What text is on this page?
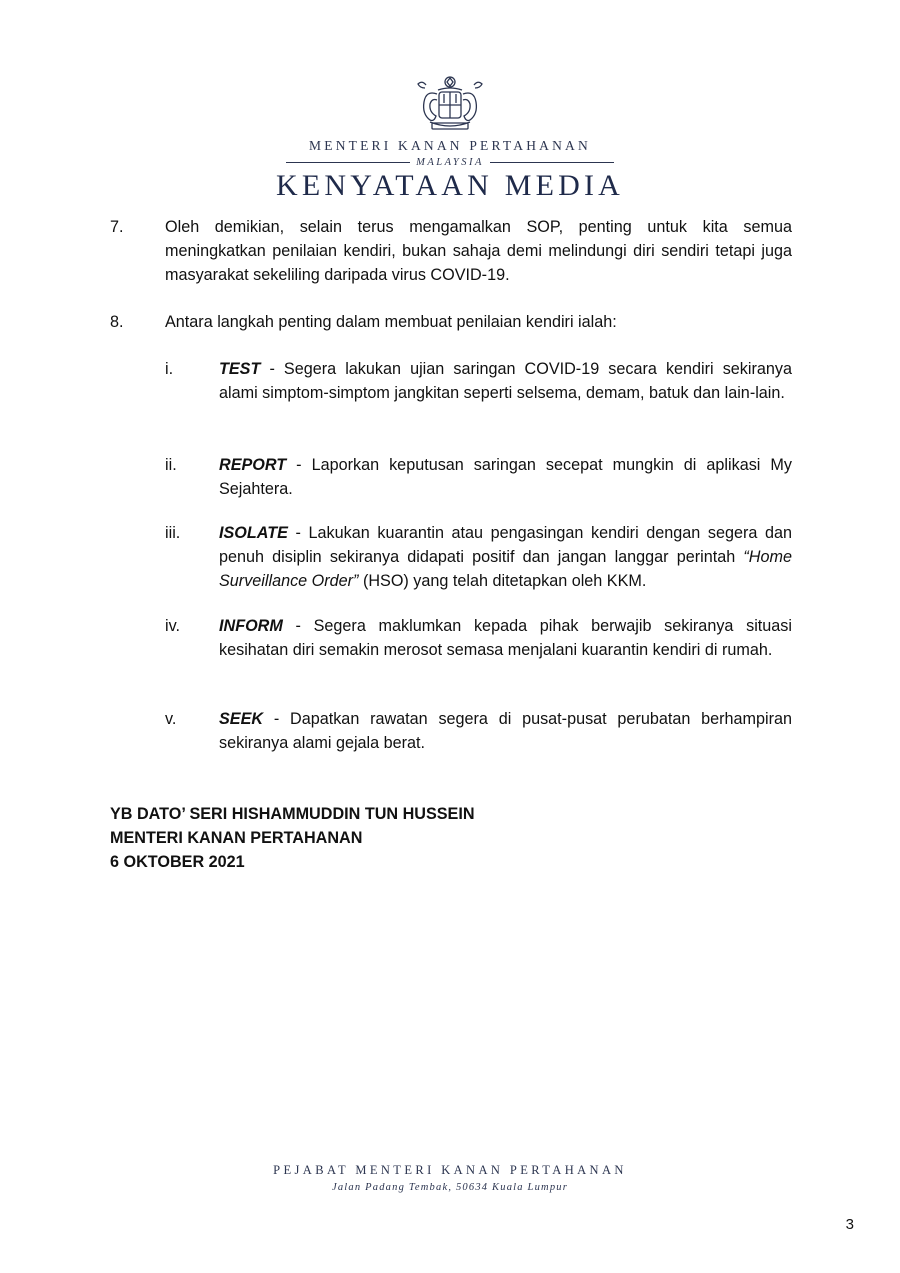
MENTERI KANAN PERTAHANAN
MALAYSIA
KENYATAAN MEDIA
7.	Oleh demikian, selain terus mengamalkan SOP, penting untuk kita semua meningkatkan penilaian kendiri, bukan sahaja demi melindungi diri sendiri tetapi juga masyarakat sekeliling daripada virus COVID-19.
8.	Antara langkah penting dalam membuat penilaian kendiri ialah:
i.	TEST - Segera lakukan ujian saringan COVID-19 secara kendiri sekiranya alami simptom-simptom jangkitan seperti selsema, demam, batuk dan lain-lain.
ii.	REPORT - Laporkan keputusan saringan secepat mungkin di aplikasi My Sejahtera.
iii. ISOLATE - Lakukan kuarantin atau pengasingan kendiri dengan segera dan penuh disiplin sekiranya didapati positif dan jangan langgar perintah “Home Surveillance Order” (HSO) yang telah ditetapkan oleh KKM.
iv. INFORM - Segera maklumkan kepada pihak berwajib sekiranya situasi kesihatan diri semakin merosot semasa menjalani kuarantin kendiri di rumah.
v.	SEEK - Dapatkan rawatan segera di pusat-pusat perubatan berhampiran sekiranya alami gejala berat.
YB DATO’ SERI HISHAMMUDDIN TUN HUSSEIN
MENTERI KANAN PERTAHANAN
6 OKTOBER 2021
PEJABAT MENTERI KANAN PERTAHANAN
Jalan Padang Tembak, 50634 Kuala Lumpur
3
